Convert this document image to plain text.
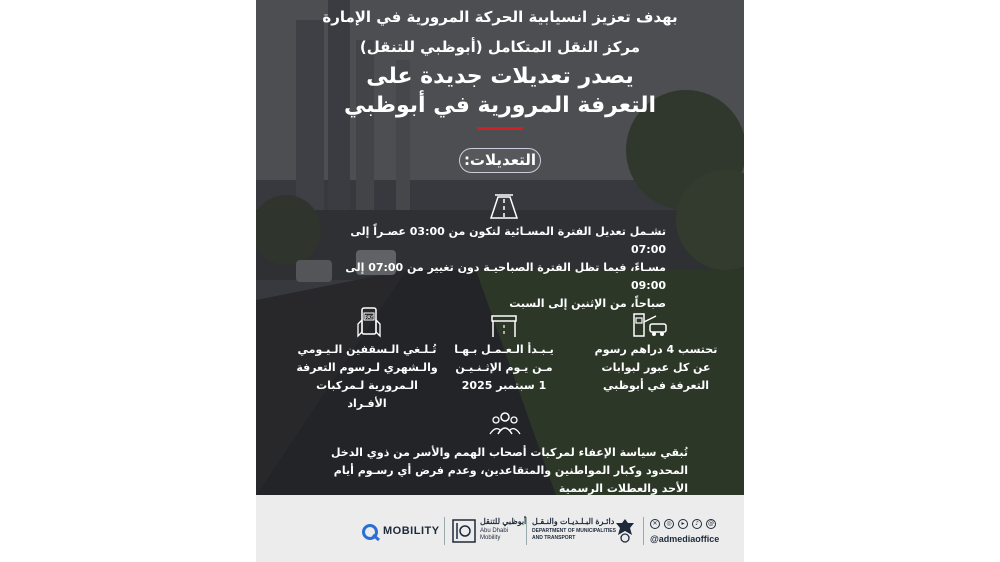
بهدف تعزيز انسيابية الحركة المرورية في الإمارة
مركز النقل المتكامل (أبوظبي للتنقل)
يصدر تعديلات جديدة على
التعرفة المرورية في أبوظبي
التعديلات:
تشـمل تعديل الفترة المسـائية لتكون من 03:00 عصـراً إلى 07:00
مسـاءً، فيما تظل الفترة الصباحيـة دون تغيير من 07:00 إلى 09:00
صباحاً، من الإثنين إلى السبت
تحتسب 4 دراهم رسوم
عن كل عبور لبوابات
التعرفة في أبوظبي
يـبـدأ الـعـمـل بـهـا
مـن يـوم الإثـنـيـن
1 سبتمبر 2025
PAY
تُـلـغي الـسقفين الـيـومي
والـشهري لـرسوم التعرفة
الـمرورية لـمركبات الأفـراد
تُبقي سياسة الإعفاء لمركبات أصحاب الهمم والأسر من ذوي الدخل
المحدود وكبار المواطنين والمتقاعدين، وعدم فرض أي رسـوم أيام
الأحد والعطلات الرسمية
MOBILITY
أبوظبي للتنقل
Abu Dhabi
Mobility
دائـرة البـلـديـات والنـقـل
DEPARTMENT OF MUNICIPALITIES
AND TRANSPORT
✕	◎	▸	♪	@
@admediaoffice
